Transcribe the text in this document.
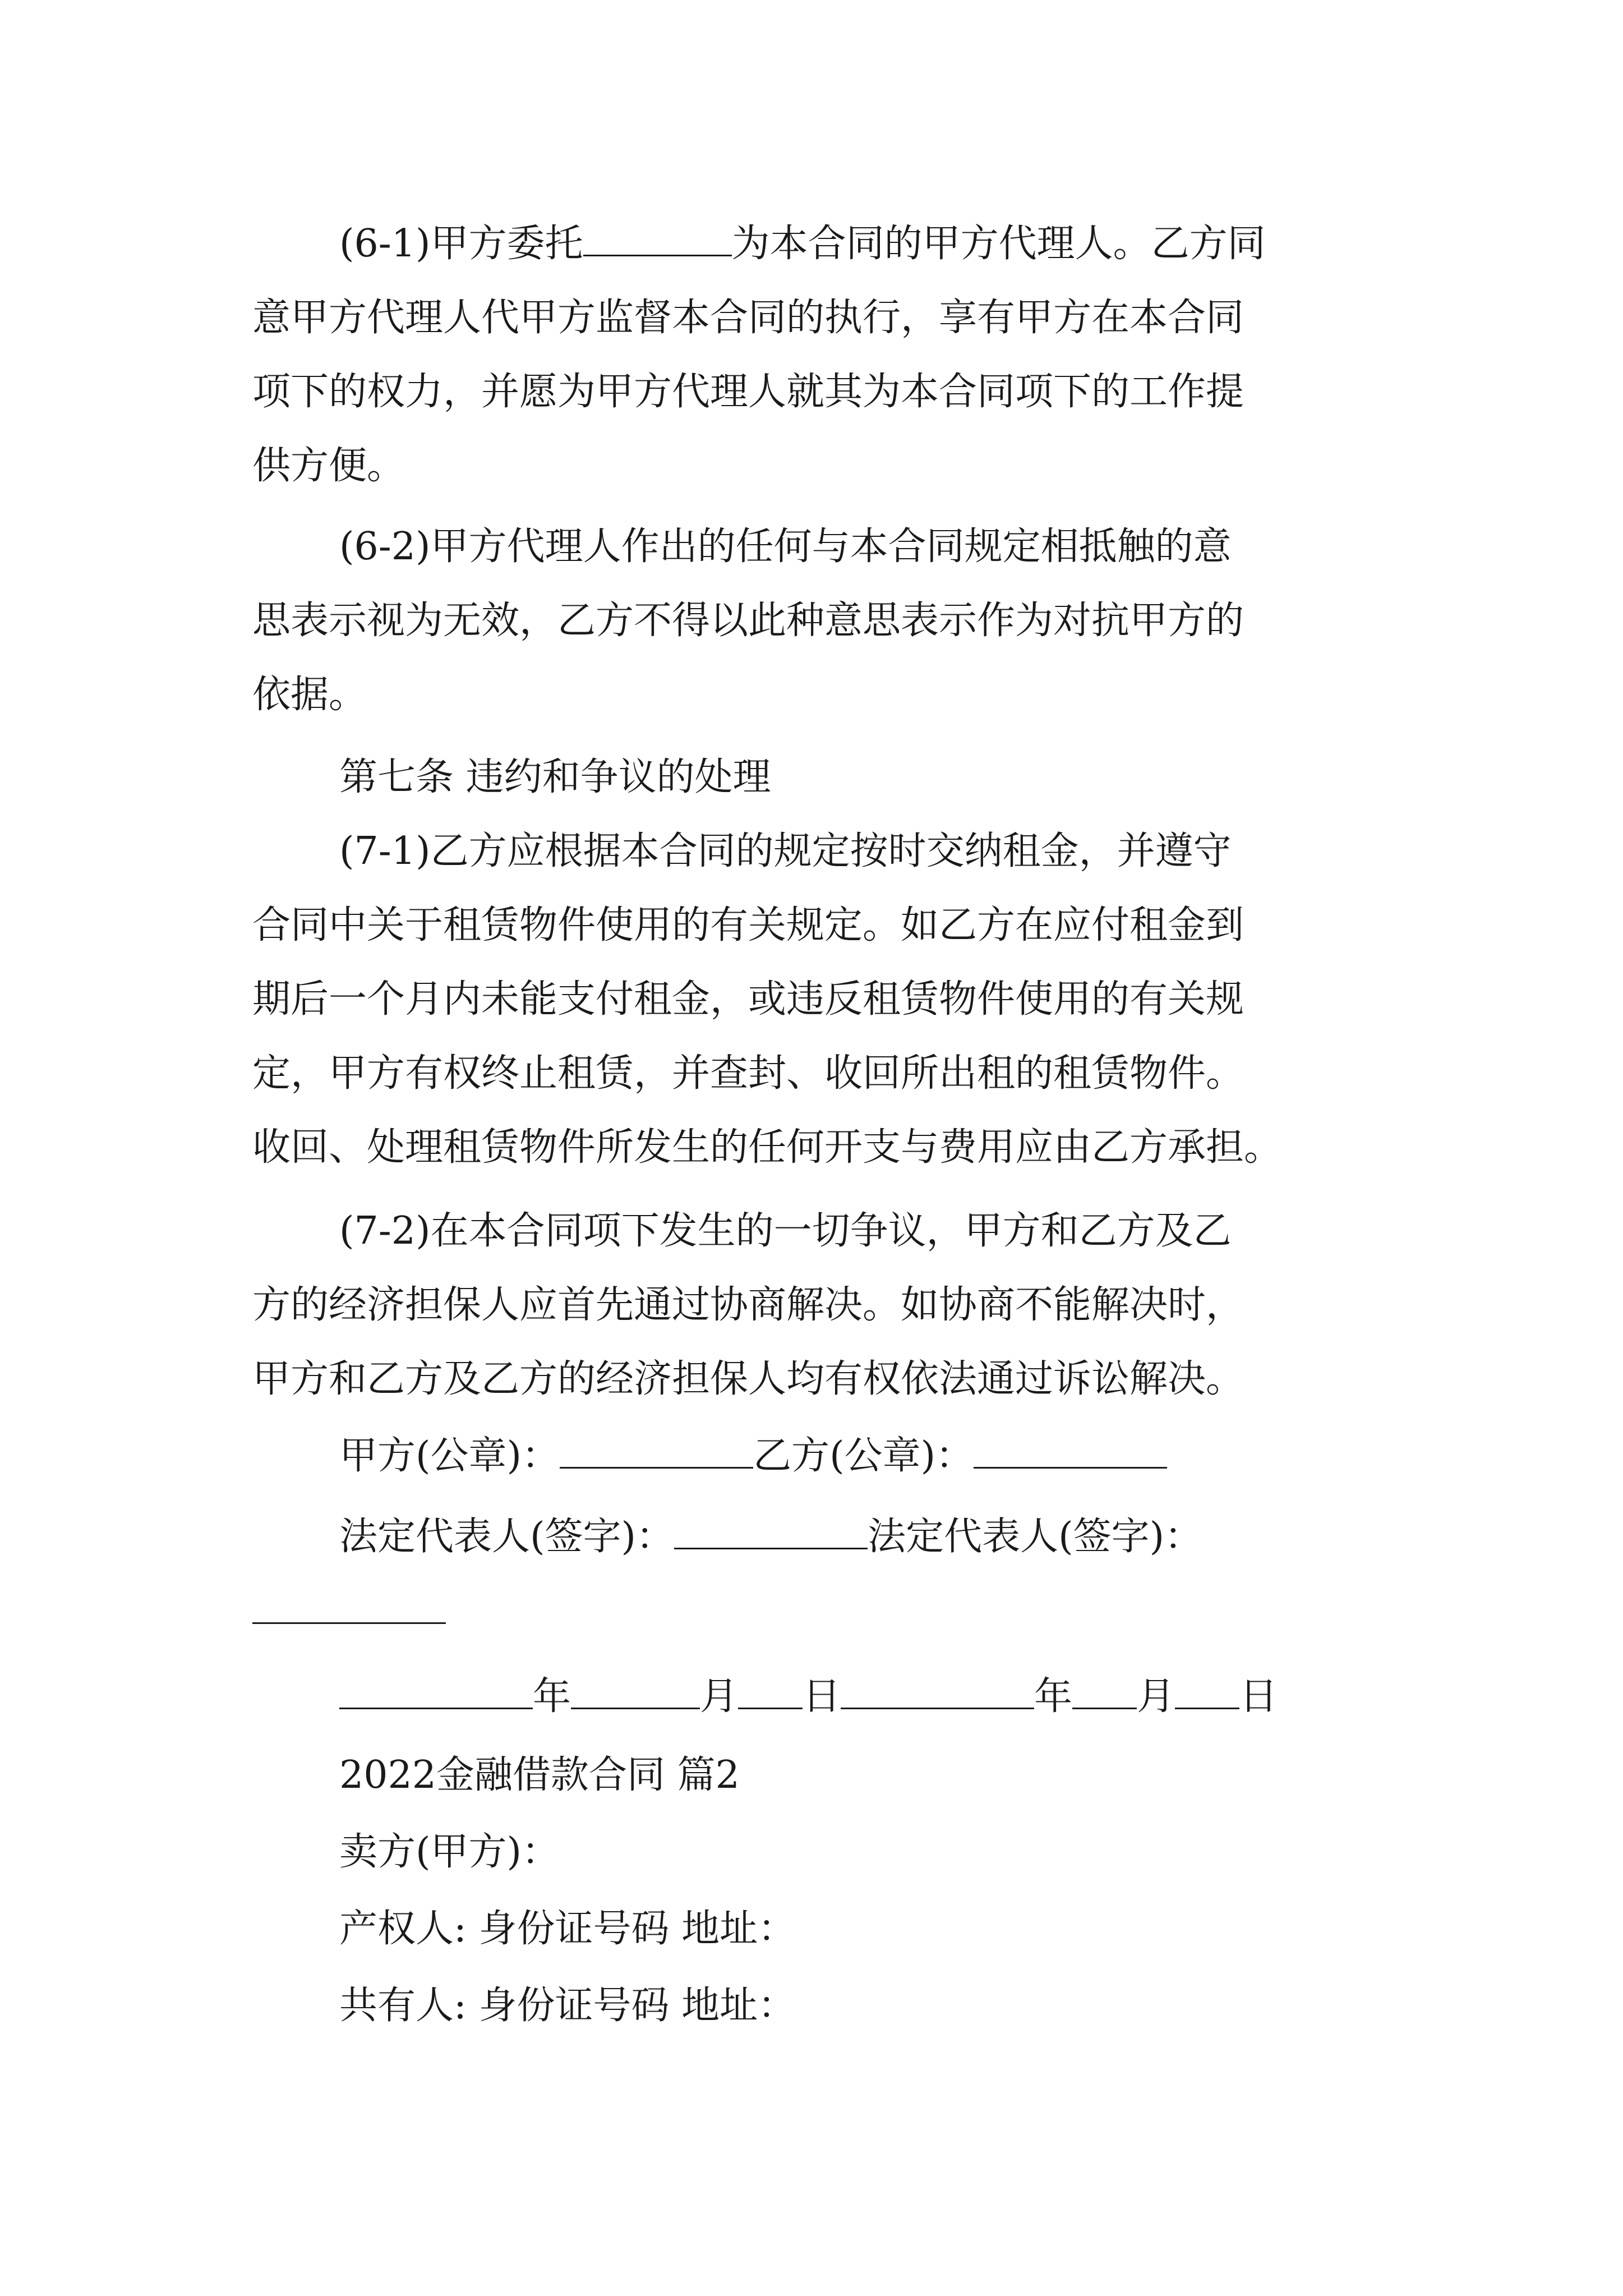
(6-1)甲方委托	为本合同的甲方代理人。乙方同
意甲方代理人代甲方监督本合同的执行，享有甲方在本合同
项下的权力，并愿为甲方代理人就其为本合同项下的工作提
供方便。
(6-2)甲方代理人作出的任何与本合同规定相抵触的意
思表示视为无效，乙方不得以此种意思表示作为对抗甲方的
依据。
第七条 违约和争议的处理
(7-1)乙方应根据本合同的规定按时交纳租金，并遵守
合同中关于租赁物件使用的有关规定。如乙方在应付租金到
期后一个月内未能支付租金，或违反租赁物件使用的有关规
定，甲方有权终止租赁，并查封、收回所出租的租赁物件。
收回、处理租赁物件所发生的任何开支与费用应由乙方承担。
(7-2)在本合同项下发生的一切争议，甲方和乙方及乙
方的经济担保人应首先通过协商解决。如协商不能解决时，
甲方和乙方及乙方的经济担保人均有权依法通过诉讼解决。
甲方(公章)：	乙方(公章)：
法定代表人(签字)：	法定代表人(签字)：
年	月 日	年 月 日
2022金融借款合同 篇2
卖方(甲方)：
产权人: 身份证号码 地址：
共有人: 身份证号码 地址：
